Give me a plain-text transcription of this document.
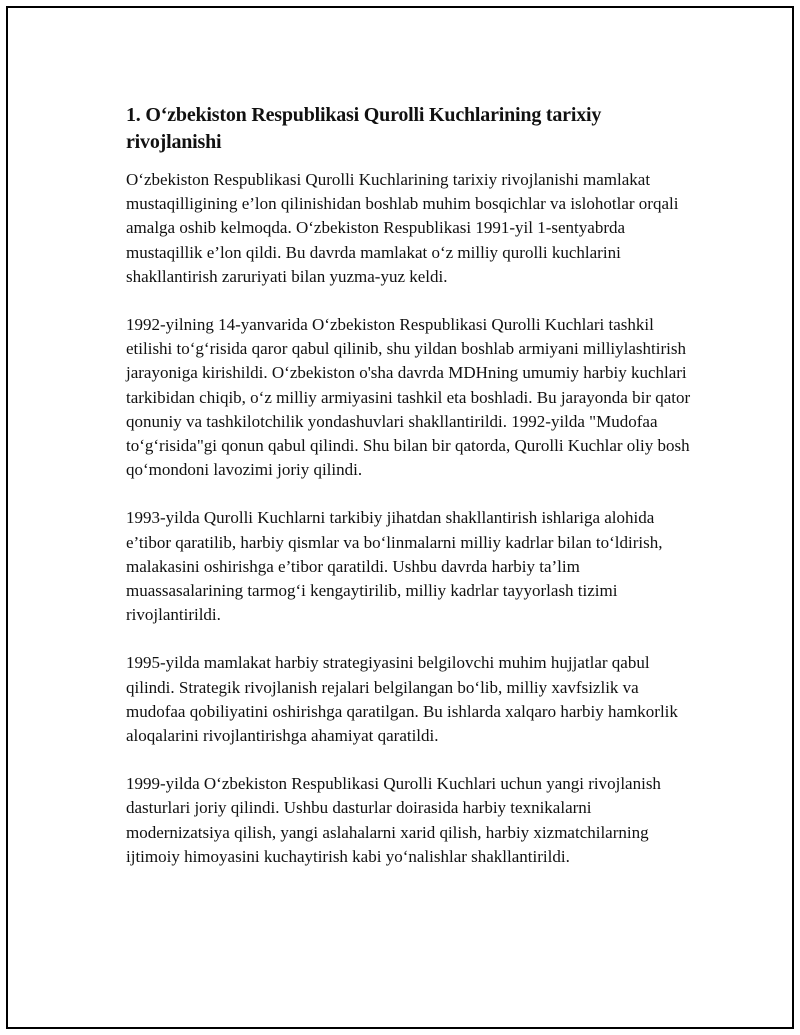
1. O‘zbekiston Respublikasi Qurolli Kuchlarining tarixiy rivojlanishi

O‘zbekiston Respublikasi Qurolli Kuchlarining tarixiy rivojlanishi mamlakat mustaqilligining e’lon qilinishidan boshlab muhim bosqichlar va islohotlar orqali amalga oshib kelmoqda. O‘zbekiston Respublikasi 1991-yil 1-sentyabrda mustaqillik e’lon qildi. Bu davrda mamlakat o‘z milliy qurolli kuchlarini shakllantirish zaruriyati bilan yuzma-yuz keldi.

1992-yilning 14-yanvarida O‘zbekiston Respublikasi Qurolli Kuchlari tashkil etilishi to‘g‘risida qaror qabul qilinib, shu yildan boshlab armiyani milliylashtirish jarayoniga kirishildi. O‘zbekiston o'sha davrda MDHning umumiy harbiy kuchlari tarkibidan chiqib, o‘z milliy armiyasini tashkil eta boshladi. Bu jarayonda bir qator qonuniy va tashkilotchilik yondashuvlari shakllantirildi. 1992-yilda "Mudofaa to‘g‘risida"gi qonun qabul qilindi. Shu bilan bir qatorda, Qurolli Kuchlar oliy bosh qo‘mondoni lavozimi joriy qilindi.

1993-yilda Qurolli Kuchlarni tarkibiy jihatdan shakllantirish ishlariga alohida e’tibor qaratilib, harbiy qismlar va bo‘linmalarni milliy kadrlar bilan to‘ldirish, malakasini oshirishga e’tibor qaratildi. Ushbu davrda harbiy ta’lim muassasalarining tarmog‘i kengaytirilib, milliy kadrlar tayyorlash tizimi rivojlantirildi.

1995-yilda mamlakat harbiy strategiyasini belgilovchi muhim hujjatlar qabul qilindi. Strategik rivojlanish rejalari belgilangan bo‘lib, milliy xavfsizlik va mudofaa qobiliyatini oshirishga qaratilgan. Bu ishlarda xalqaro harbiy hamkorlik aloqalarini rivojlantirishga ahamiyat qaratildi.

1999-yilda O‘zbekiston Respublikasi Qurolli Kuchlari uchun yangi rivojlanish dasturlari joriy qilindi. Ushbu dasturlar doirasida harbiy texnikalarni modernizatsiya qilish, yangi aslahalarni xarid qilish, harbiy xizmatchilarning ijtimoiy himoyasini kuchaytirish kabi yo‘nalishlar shakllantirildi.
